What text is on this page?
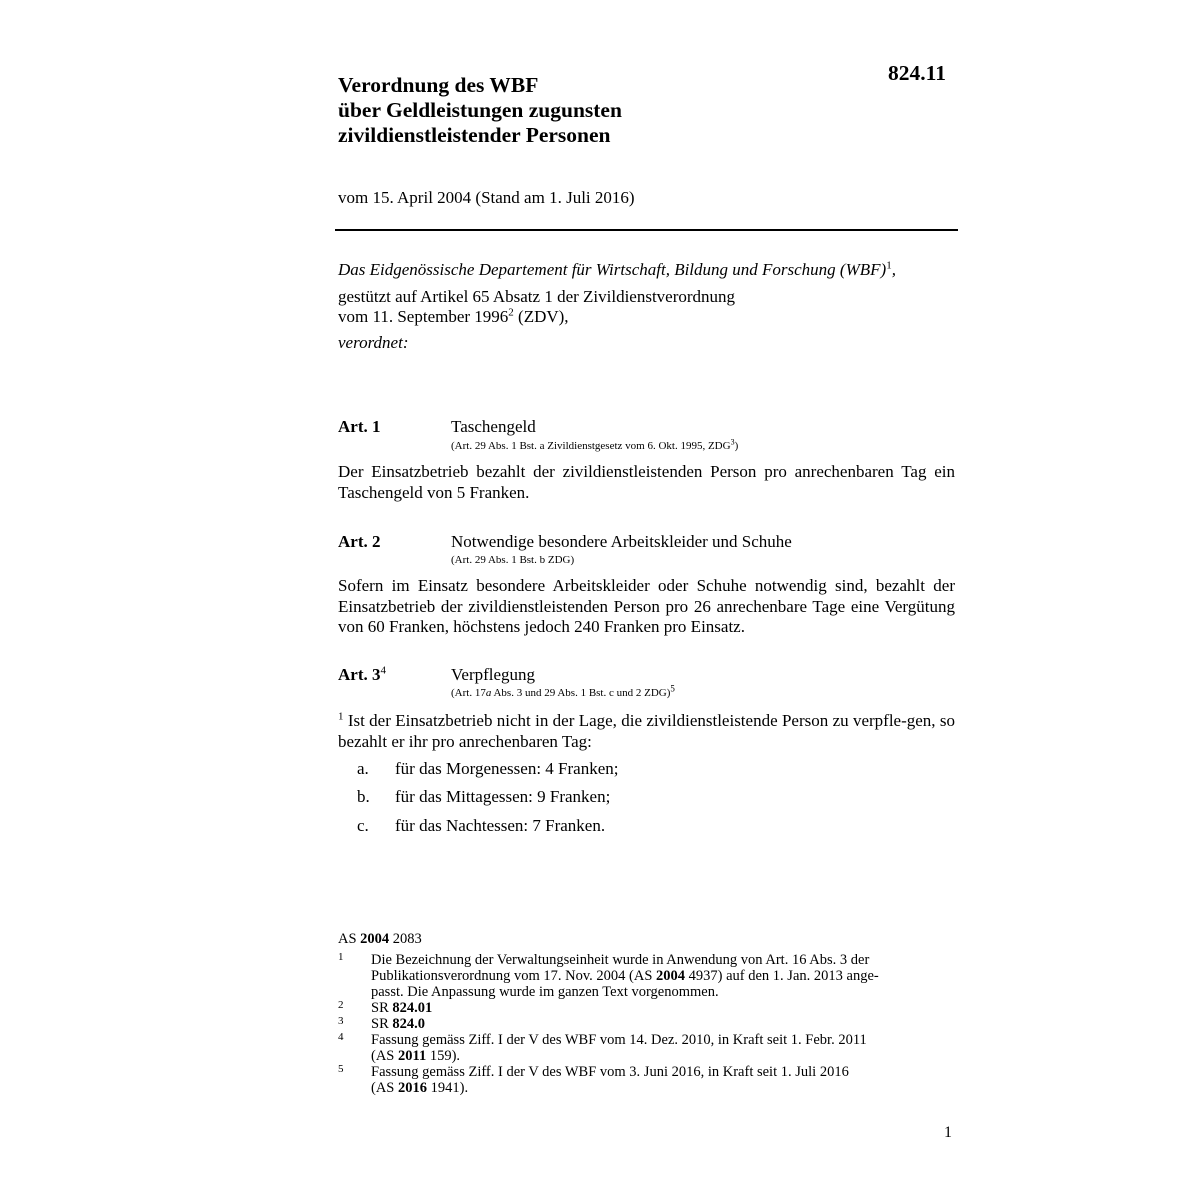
Verordnung des WBF
über Geldleistungen zugunsten
zivildienstleistender Personen
824.11
vom 15. April 2004 (Stand am 1. Juli 2016)
Das Eidgenössische Departement für Wirtschaft, Bildung und Forschung (WBF)$^1$,
gestützt auf Artikel 65 Absatz 1 der Zivildienstverordnung
vom 11. September 1996$^2$ (ZDV),
verordnet:
Art. 1	Taschengeld
(Art. 29 Abs. 1 Bst. a Zivildienstgesetz vom 6. Okt. 1995, ZDG$^3$)
Der Einsatzbetrieb bezahlt der zivildienstleistenden Person pro anrechenbaren Tag ein Taschengeld von 5 Franken.
Art. 2	Notwendige besondere Arbeitskleider und Schuhe
(Art. 29 Abs. 1 Bst. b ZDG)
Sofern im Einsatz besondere Arbeitskleider oder Schuhe notwendig sind, bezahlt der Einsatzbetrieb der zivildienstleistenden Person pro 26 anrechenbare Tage eine Vergütung von 60 Franken, höchstens jedoch 240 Franken pro Einsatz.
Art. $3^4$	Verpflegung
(Art. 17a Abs. 3 und 29 Abs. 1 Bst. c und 2 ZDG)$^5$
$^1$ Ist der Einsatzbetrieb nicht in der Lage, die zivildienstleistende Person zu verpfle-gen, so bezahlt er ihr pro anrechenbaren Tag:
a. für das Morgenessen: 4 Franken;
b. für das Mittagessen: 9 Franken;
c. für das Nachtessen: 7 Franken.
AS 2004 2083
1 Die Bezeichnung der Verwaltungseinheit wurde in Anwendung von Art. 16 Abs. 3 der
Publikationsverordnung vom 17. Nov. 2004 (AS 2004 4937) auf den 1. Jan. 2013 ange-
passt. Die Anpassung wurde im ganzen Text vorgenommen.
2 SR 824.01
3 SR 824.0
4 Fassung gemäss Ziff. I der V des WBF vom 14. Dez. 2010, in Kraft seit 1. Febr. 2011
(AS 2011 159).
5 Fassung gemäss Ziff. I der V des WBF vom 3. Juni 2016, in Kraft seit 1. Juli 2016
(AS 2016 1941).
1
